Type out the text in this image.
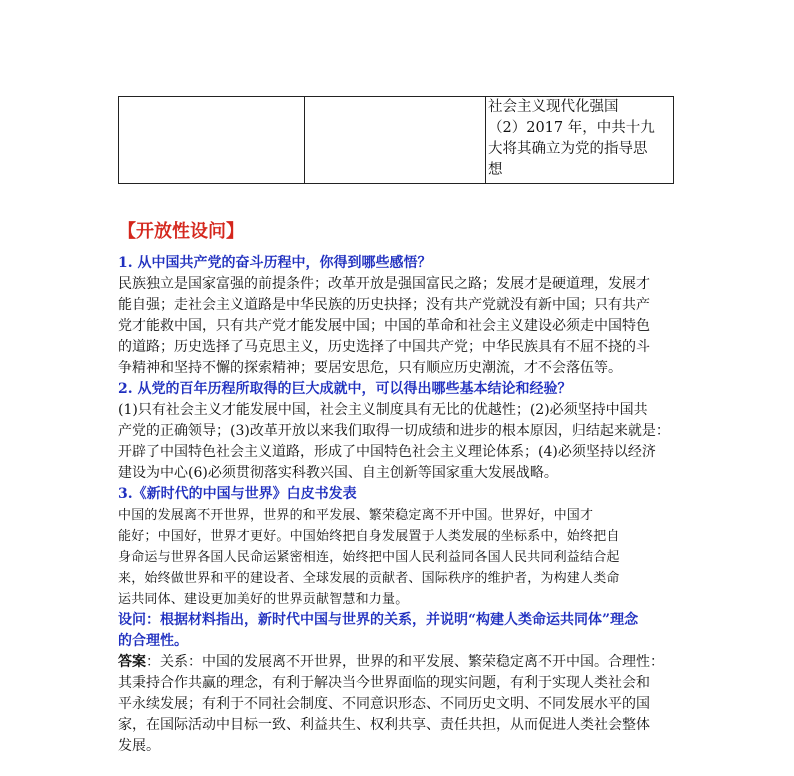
社会主义现代化强国
（2）2017 年，中共十九
大将其确立为党的指导思
想
【开放性设问】
1. 从中国共产党的奋斗历程中，你得到哪些感悟？
民族独立是国家富强的前提条件；改革开放是强国富民之路；发展才是硬道理，发展才
能自强；走社会主义道路是中华民族的历史抉择；没有共产党就没有新中国；只有共产
党才能救中国，只有共产党才能发展中国；中国的革命和社会主义建设必须走中国特色
的道路；历史选择了马克思主义，历史选择了中国共产党；中华民族具有不屈不挠的斗
争精神和坚持不懈的探索精神；要居安思危，只有顺应历史潮流，才不会落伍等。
2. 从党的百年历程所取得的巨大成就中，可以得出哪些基本结论和经验？
(1)只有社会主义才能发展中国，社会主义制度具有无比的优越性；(2)必须坚持中国共
产党的正确领导；(3)改革开放以来我们取得一切成绩和进步的根本原因，归结起来就是：
开辟了中国特色社会主义道路，形成了中国特色社会主义理论体系；(4)必须坚持以经济
建设为中心(6)必须贯彻落实科教兴国、自主创新等国家重大发展战略。
3.《新时代的中国与世界》白皮书发表
中国的发展离不开世界，世界的和平发展、繁荣稳定离不开中国。世界好，中国才
能好；中国好，世界才更好。中国始终把自身发展置于人类发展的坐标系中，始终把自
身命运与世界各国人民命运紧密相连，始终把中国人民利益同各国人民共同利益结合起
来，始终做世界和平的建设者、全球发展的贡献者、国际秩序的维护者，为构建人类命
运共同体、建设更加美好的世界贡献智慧和力量。
设问：根据材料指出，新时代中国与世界的关系，并说明“构建人类命运共同体”理念
的合理性。
答案：关系：中国的发展离不开世界，世界的和平发展、繁荣稳定离不开中国。合理性：
其秉持合作共赢的理念，有利于解决当今世界面临的现实问题，有利于实现人类社会和
平永续发展；有利于不同社会制度、不同意识形态、不同历史文明、不同发展水平的国
家，在国际活动中目标一致、利益共生、权利共享、责任共担，从而促进人类社会整体
发展。
